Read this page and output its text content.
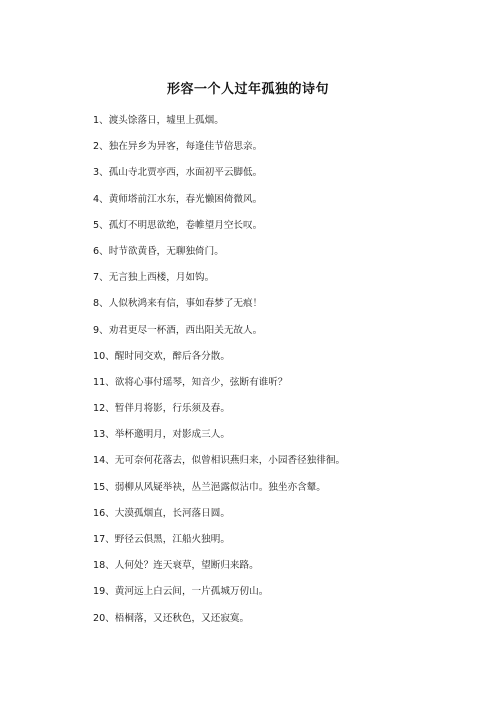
形容一个人过年孤独的诗句
1、渡头馀落日，墟里上孤烟。
2、独在异乡为异客，每逢佳节倍思亲。
3、孤山寺北贾亭西，水面初平云脚低。
4、黄师塔前江水东，春光懒困倚微风。
5、孤灯不明思欲绝，卷帷望月空长叹。
6、时节欲黄昏，无聊独倚门。
7、无言独上西楼，月如钩。
8、人似秋鸿来有信，事如春梦了无痕！
9、劝君更尽一杯酒，西出阳关无故人。
10、醒时同交欢，醉后各分散。
11、欲将心事付瑶琴，知音少，弦断有谁听？
12、暂伴月将影，行乐须及春。
13、举杯邀明月，对影成三人。
14、无可奈何花落去，似曾相识燕归来，小园香径独徘徊。
15、弱柳从风疑举袂，丛兰浥露似沾巾。独坐亦含颦。
16、大漠孤烟直，长河落日圆。
17、野径云俱黑，江船火独明。
18、人何处？连天衰草，望断归来路。
19、黄河远上白云间，一片孤城万仞山。
20、梧桐落，又还秋色，又还寂寞。
